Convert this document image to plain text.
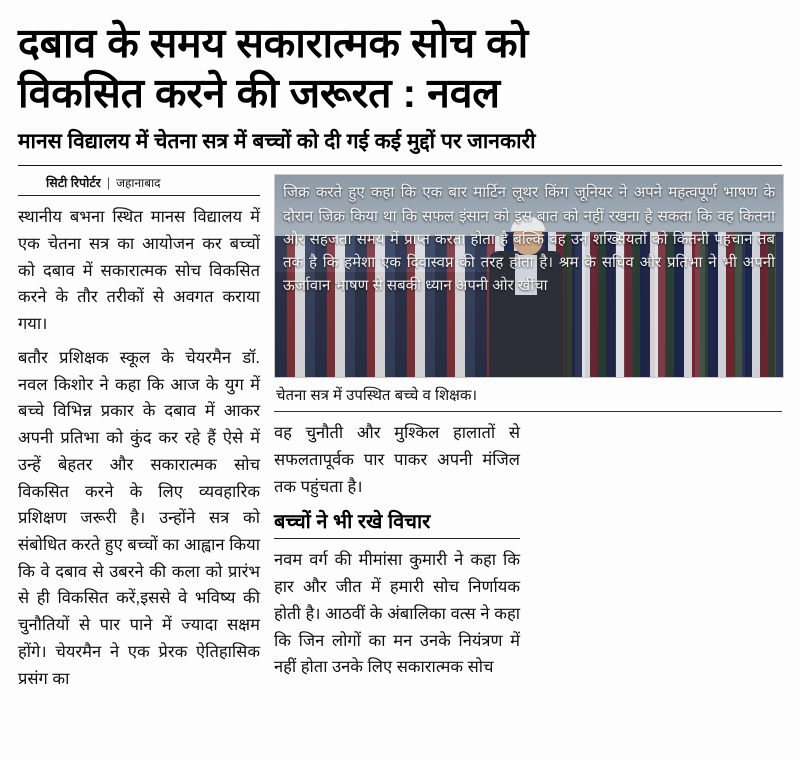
दबाव के समय सकारात्मक सोच को
विकसित करने की जरूरत : नवल
मानस विद्यालय में चेतना सत्र में बच्चों को दी गई कई मुद्दों पर जानकारी
सिटी रिपोर्टर | जहानाबाद

स्थानीय बभना स्थित मानस विद्यालय में एक चेतना सत्र का आयोजन कर बच्चों को दबाव में सकारात्मक सोच विकसित करने के तौर तरीकों से अवगत कराया गया।

बतौर प्रशिक्षक स्कूल के चेयरमैन डॉ. नवल किशोर ने कहा कि आज के युग में बच्चे विभिन्न प्रकार के दबाव में आकर अपनी प्रतिभा को कुंद कर रहे हैं ऐसे में उन्हें बेहतर और सकारात्मक सोच विकसित करने के लिए व्यवहारिक प्रशिक्षण जरूरी है। उन्होंने सत्र को संबोधित करते हुए बच्चों का आह्वान किया कि वे दबाव से उबरने की कला को प्रारंभ से ही विकसित करें,इससे वे भविष्य की चुनौतियों से पार पाने में ज्यादा सक्षम होंगे। चेयरमैन ने एक प्रेरक ऐतिहासिक प्रसंग का

जिक्र करते हुए कहा कि एक बार मार्टिन लूथर किंग जूनियर ने अपने महत्वपूर्ण भाषण के दौरान जिक्र किया था कि सफल इंसान को इस बात को नहीं रखना है सकता कि वह कितना और सहजता समय में प्राप्त करता होता है बल्कि वह उन शख्सियतों को कितनी पहचान तब तक है कि हमेशा एक दिवास्वप्न की तरह होता है। श्रम के सचिव और प्रतिभा ने भी अपनी ऊर्जावान भाषण से सबकी ध्यान अपनी ओर खींचा
चेतना सत्र में उपस्थित बच्चे व शिक्षक।

वह चुनौती और मुश्किल हालातों से सफलतापूर्वक पार पाकर अपनी मंजिल तक पहुंचता है।

बच्चों ने भी रखे विचार

नवम वर्ग की मीमांसा कुमारी ने कहा कि हार और जीत में हमारी सोच निर्णायक होती है। आठवीं के अंबालिका वत्स ने कहा कि जिन लोगों का मन उनके नियंत्रण में नहीं होता उनके लिए सकारात्मक सोच
